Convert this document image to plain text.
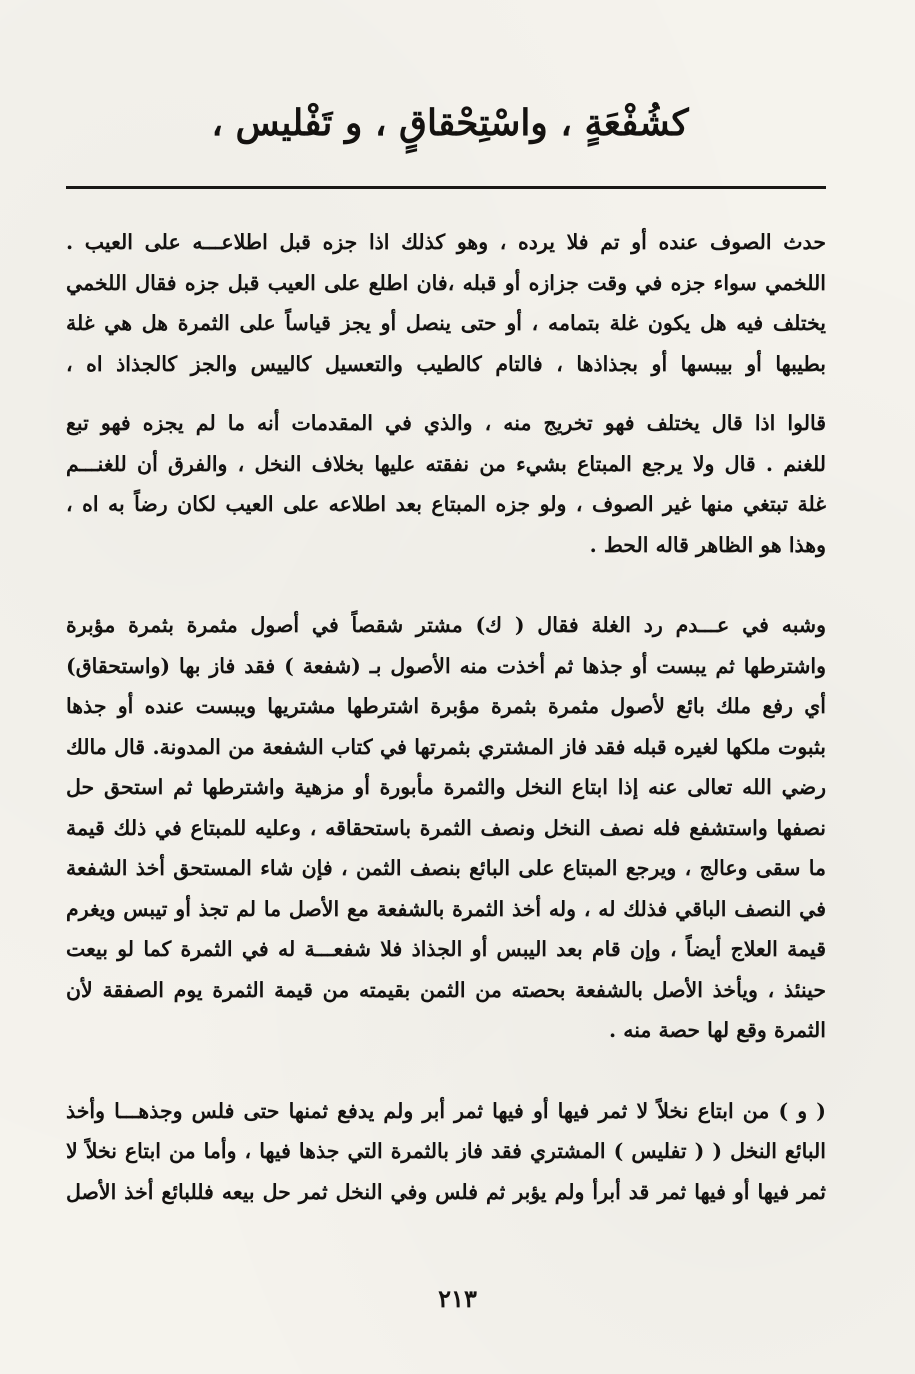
كشُفْعَةٍ ، واسْتِحْقاقٍ ، و تَفْليس ،
حدث الصوف عنده أو تم فلا يرده ، وهو كذلك اذا جزه قبل اطلاعـــه على العيب .
اللخمي سواء جزه في وقت جزازه أو قبله ،فان اطلع على العيب قبل جزه فقال اللخمي
يختلف فيه هل يكون غلة بتمامه ، أو حتى ينصل أو يجز قياساً على الثمرة هل هي غلة
بطيبها أو بيبسها أو بجذاذها ، فالتام كالطيب والتعسيل كالييس والجز كالجذاذ اه ،
قالوا اذا قال يختلف فهو تخريج منه ، والذي في المقدمات أنه ما لم يجزه فهو تبع
للغنم . قال ولا يرجع المبتاع بشيء من نفقته عليها بخلاف النخل ، والفرق أن للغنـــم
غلة تبتغي منها غير الصوف ، ولو جزه المبتاع بعد اطلاعه على العيب لكان رضاً به اه ،
وهذا هو الظاهر قاله الحط .
وشبه في عـــدم رد الغلة فقال ( ك) مشتر شقصاً في أصول مثمرة بثمرة مؤبرة
واشترطها ثم يبست أو جذها ثم أخذت منه الأصول بـ (شفعة ) فقد فاز بها (واستحقاق)
أي رفع ملك بائع لأصول مثمرة بثمرة مؤبرة اشترطها مشتريها ويبست عنده أو جذها
بثبوت ملكها لغيره قبله فقد فاز المشتري بثمرتها في كتاب الشفعة من المدونة. قال مالك
رضي الله تعالى عنه إذا ابتاع النخل والثمرة مأبورة أو مزهية واشترطها ثم استحق حل
نصفها واستشفع فله نصف النخل ونصف الثمرة باستحقاقه ، وعليه للمبتاع في ذلك قيمة
ما سقى وعالج ، ويرجع المبتاع على البائع بنصف الثمن ، فإن شاء المستحق أخذ الشفعة
في النصف الباقي فذلك له ، وله أخذ الثمرة بالشفعة مع الأصل ما لم تجذ أو تيبس ويغرم
قيمة العلاج أيضاً ، وإن قام بعد اليبس أو الجذاذ فلا شفعـــة له في الثمرة كما لو بيعت
حينئذ ، ويأخذ الأصل بالشفعة بحصته من الثمن بقيمته من قيمة الثمرة يوم الصفقة لأن
الثمرة وقع لها حصة منه .
( و ) من ابتاع نخلاً لا ثمر فيها أو فيها ثمر أبر ولم يدفع ثمنها حتى فلس وجذهـــا وأخذ
البائع النخل ( ( تفليس ) المشتري فقد فاز بالثمرة التي جذها فيها ، وأما من ابتاع نخلاً لا
ثمر فيها أو فيها ثمر قد أبرأ ولم يؤبر ثم فلس وفي النخل ثمر حل بيعه فللبائع أخذ الأصل
٢١٣
